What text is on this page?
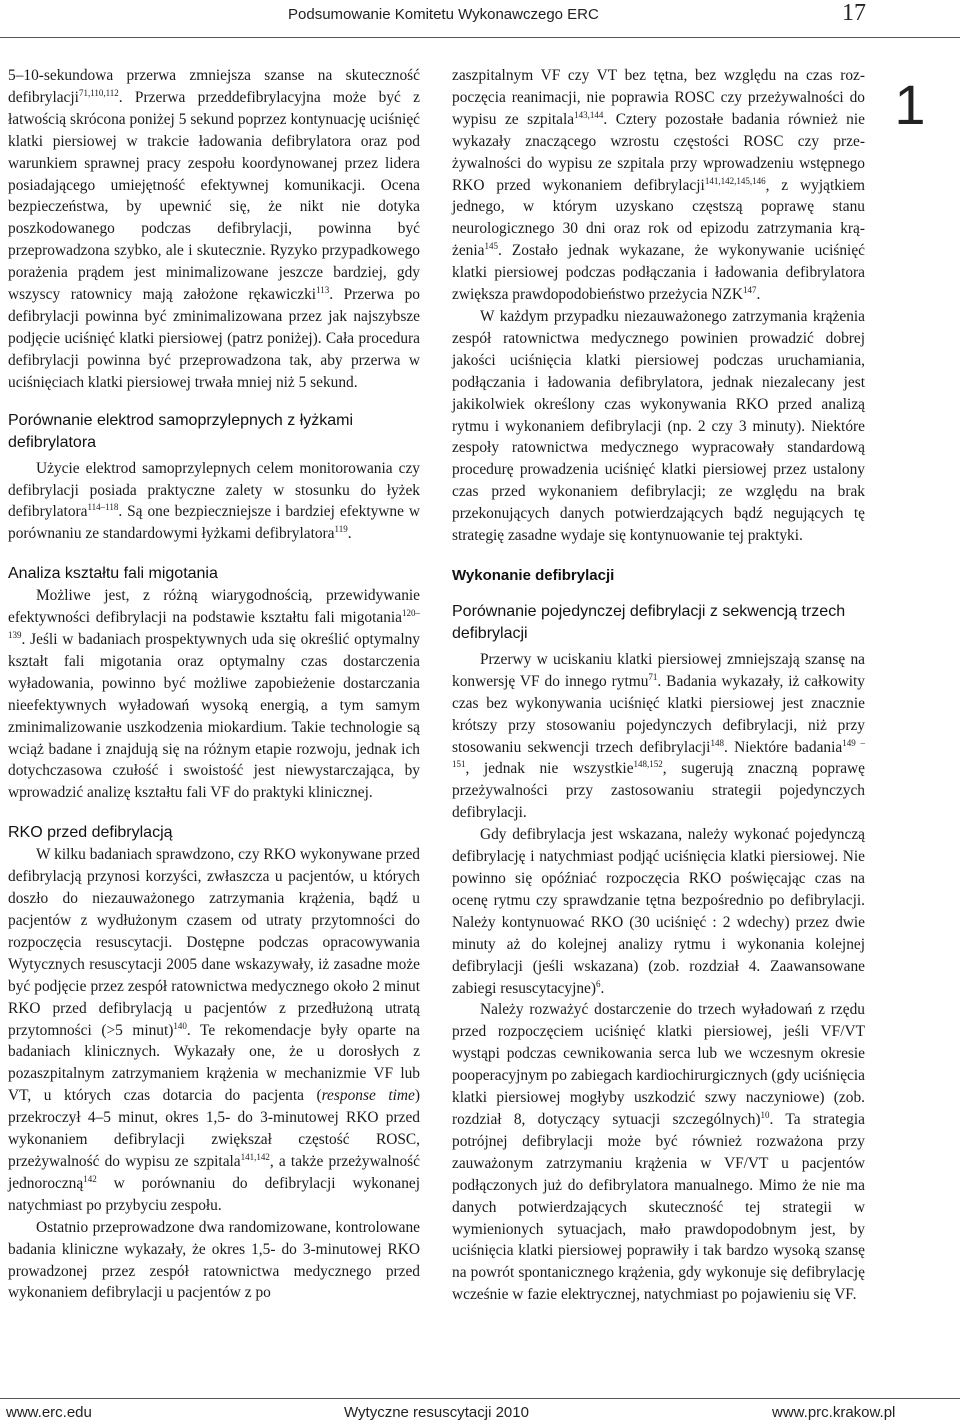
Podsumowanie Komitetu Wykonawczego ERC	17
1

5–10-sekundowa przerwa zmniejsza szanse na skuteczność defibrylacji$^{71,110,112}$. Przerwa przeddefibrylacyjna może być z łatwością skrócona poniżej 5 sekund poprzez kontynuację uciśnięć klatki piersiowej w trakcie ładowania defibrylatora oraz pod warunkiem sprawnej pracy zespołu koordynowanej przez lidera posiadającego umiejętność efektywnej komunikacji. Ocena bezpieczeństwa, by upewnić się, że nikt nie dotyka poszkodowanego podczas defibrylacji, powinna być przeprowadzona szybko, ale i skutecznie. Ryzyko przypadkowego porażenia prądem jest minimalizowane jeszcze bardziej, gdy wszyscy ratownicy mają założone rękawiczki$^{113}$. Przerwa po defibrylacji powinna być zminimalizowana przez jak najszybsze podjęcie uciśnięć klatki piersiowej (patrz poniżej). Cała procedura defibrylacji powinna być przeprowadzona tak, aby przerwa w uciśnięciach klatki piersiowej trwała mniej niż 5 sekund.

Porównanie elektrod samoprzylepnych z łyżkami defibrylatora

Użycie elektrod samoprzylepnych celem monitorowania czy defibrylacji posiada praktyczne zalety w stosunku do łyżek defibrylatora$^{114-118}$. Są one bezpieczniejsze i bardziej efektywne w porównaniu ze standardowymi łyżkami defibrylatora$^{119}$.

Analiza kształtu fali migotania

Możliwe jest, z różną wiarygodnością, przewidywanie efektywności defibrylacji na podstawie kształtu fali migotania$^{120-139}$. Jeśli w badaniach prospektywnych uda się określić optymalny kształt fali migotania oraz optymalny czas dostarczenia wyładowania, powinno być możliwe zapobieżenie dostarczania nieefektywnych wyładowań wysoką energią, a tym samym zminimalizowanie uszkodzenia miokardium. Takie technologie są wciąż badane i znajdują się na różnym etapie rozwoju, jednak ich dotychczasowa czułość i swoistość jest niewystarczająca, by wprowadzić analizę kształtu fali VF do praktyki klinicznej.

RKO przed defibrylacją

W kilku badaniach sprawdzono, czy RKO wykonywane przed defibrylacją przynosi korzyści, zwłaszcza u pacjentów, u których doszło do niezauważonego zatrzymania krążenia, bądź u pacjentów z wydłużonym czasem od utraty przytomności do rozpoczęcia resuscytacji. Dostępne podczas opracowywania Wytycznych resuscytacji 2005 dane wskazywały, iż zasadne może być podjęcie przez zespół ratownictwa medycznego około 2 minut RKO przed defibrylacją u pacjentów z przedłużoną utratą przytomności (>5 minut)$^{140}$. Te rekomendacje były oparte na badaniach klinicznych. Wykazały one, że u dorosłych z pozaszpitalnym zatrzymaniem krążenia w mechanizmie VF lub VT, u których czas dotarcia do pacjenta (response time) przekroczył 4–5 minut, okres 1,5- do 3-minutowej RKO przed wykonaniem defibrylacji zwiększał częstość ROSC, przeżywalność do wypisu ze szpitala$^{141,142}$, a także przeżywalność jednoroczną$^{142}$ w porównaniu do defibrylacji wykonanej natychmiast po przybyciu zespołu.

Ostatnio przeprowadzone dwa randomizowane, kontrolowane badania kliniczne wykazały, że okres 1,5- do 3-minutowej RKO prowadzonej przez zespół ratownictwa medycznego przed wykonaniem defibrylacji u pacjentów z po

zaszpitalnym VF czy VT bez tętna, bez względu na czas rozpoczęcia reanimacji, nie poprawia ROSC czy przeżywalności do wypisu ze szpitala$^{143,144}$. Cztery pozostałe badania również nie wykazały znaczącego wzrostu częstości ROSC czy przeżywalności do wypisu ze szpitala przy wprowadzeniu wstępnego RKO przed wykonaniem defibrylacji$^{141,142,145,146}$, z wyjątkiem jednego, w którym uzyskano częstszą poprawę stanu neurologicznego 30 dni oraz rok od epizodu zatrzymania krążenia$^{145}$. Zostało jednak wykazane, że wykonywanie uciśnięć klatki piersiowej podczas podłączania i ładowania defibrylatora zwiększa prawdopodobieństwo przeżycia NZK$^{147}$.

W każdym przypadku niezauważonego zatrzymania krążenia zespół ratownictwa medycznego powinien prowadzić dobrej jakości uciśnięcia klatki piersiowej podczas uruchamiania, podłączania i ładowania defibrylatora, jednak niezalecany jest jakikolwiek określony czas wykonywania RKO przed analizą rytmu i wykonaniem defibrylacji (np. 2 czy 3 minuty). Niektóre zespoły ratownictwa medycznego wypracowały standardową procedurę prowadzenia uciśnięć klatki piersiowej przez ustalony czas przed wykonaniem defibrylacji; ze względu na brak przekonujących danych potwierdzających bądź negujących tę strategię zasadne wydaje się kontynuowanie tej praktyki.

Wykonanie defibrylacji
Porównanie pojedynczej defibrylacji z sekwencją trzech defibrylacji

Przerwy w uciskaniu klatki piersiowej zmniejszają szansę na konwersję VF do innego rytmu$^{71}$. Badania wykazały, iż całkowity czas bez wykonywania uciśnięć klatki piersiowej jest znacznie krótszy przy stosowaniu pojedynczych defibrylacji, niż przy stosowaniu sekwencji trzech defibrylacji$^{148}$. Niektóre badania$^{149 - 151}$, jednak nie wszystkie$^{148,152}$, sugerują znaczną poprawę przeżywalności przy zastosowaniu strategii pojedynczych defibrylacji.

Gdy defibrylacja jest wskazana, należy wykonać pojedynczą defibrylację i natychmiast podjąć uciśnięcia klatki piersiowej. Nie powinno się opóźniać rozpoczęcia RKO poświęcając czas na ocenę rytmu czy sprawdzanie tętna bezpośrednio po defibrylacji. Należy kontynuować RKO (30 uciśnięć : 2 wdechy) przez dwie minuty aż do kolejnej analizy rytmu i wykonania kolejnej defibrylacji (jeśli wskazana) (zob. rozdział 4. Zaawansowane zabiegi resuscytacyjne)$^6$.

Należy rozważyć dostarczenie do trzech wyładowań z rzędu przed rozpoczęciem uciśnięć klatki piersiowej, jeśli VF/VT wystąpi podczas cewnikowania serca lub we wczesnym okresie pooperacyjnym po zabiegach kardiochirurgicznych (gdy uciśnięcia klatki piersiowej mogłyby uszkodzić szwy naczyniowe) (zob. rozdział 8, dotyczący sytuacji szczególnych)$^{10}$. Ta strategia potrójnej defibrylacji może być również rozważona przy zauważonym zatrzymaniu krążenia w VF/VT u pacjentów podłączonych już do defibrylatora manualnego. Mimo że nie ma danych potwierdzających skuteczność tej strategii w wymienionych sytuacjach, mało prawdopodobnym jest, by uciśnięcia klatki piersiowej poprawiły i tak bardzo wysoką szansę na powrót spontanicznego krążenia, gdy wykonuje się defibrylację wcześnie w fazie elektrycznej, natychmiast po pojawieniu się VF.

www.erc.edu	Wytyczne resuscytacji 2010	www.prc.krakow.pl
